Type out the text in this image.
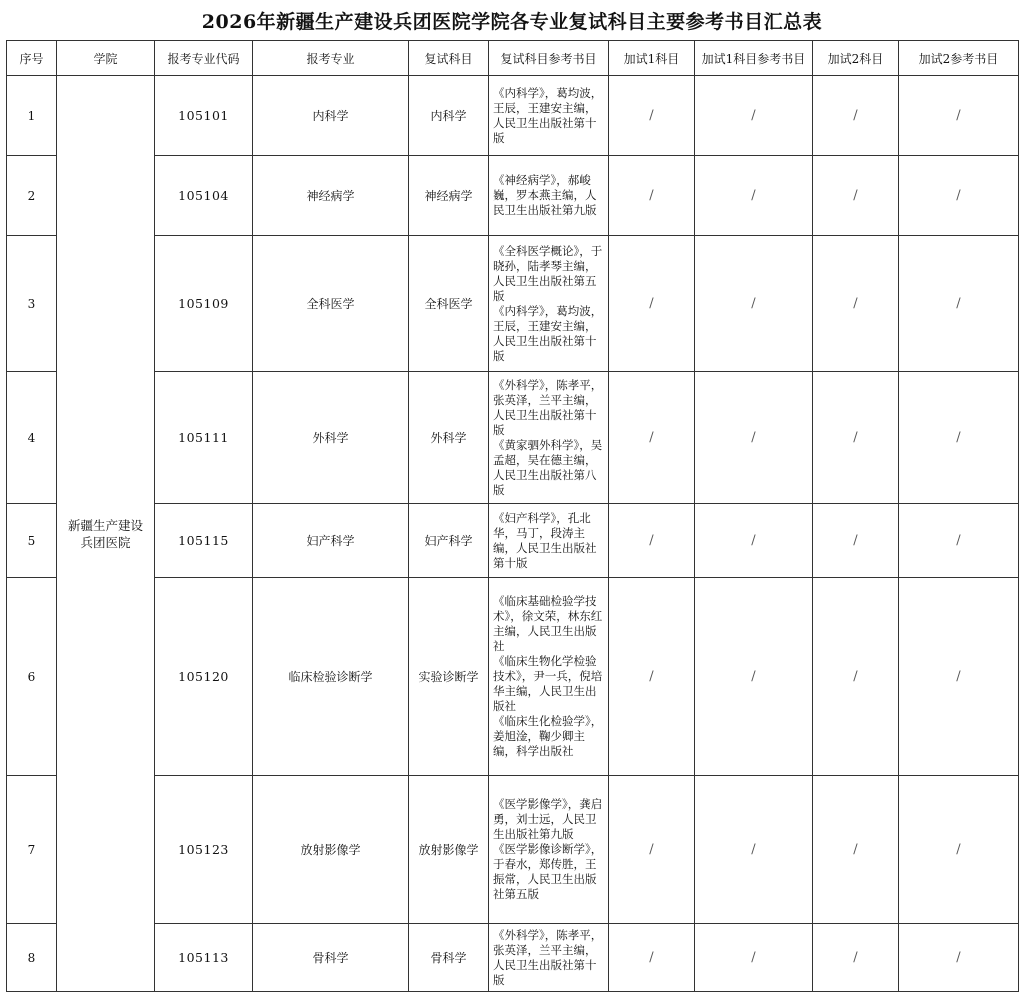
2026年新疆生产建设兵团医院学院各专业复试科目主要参考书目汇总表
序号	学院	报考专业代码	报考专业	复试科目	复试科目参考书目	加试1科目	加试1科目参考书目	加试2科目	加试2参考书目
1	新疆生产建设兵团医院	105101	内科学	内科学	《内科学》，葛均波，王辰，王建安主编，人民卫生出版社第十版	/	/	/	/
2		105104	神经病学	神经病学	《神经病学》，郝峻巍，罗本燕主编，人民卫生出版社第九版	/	/	/	/
3		105109	全科医学	全科医学	《全科医学概论》，于晓孙，陆孝琴主编，人民卫生出版社第五版
《内科学》，葛均波，王辰，王建安主编，人民卫生出版社第十版	/	/	/	/
4		105111	外科学	外科学	《外科学》，陈孝平，张英泽，兰平主编，人民卫生出版社第十版
《黄家驷外科学》，吴孟超，吴在德主编，人民卫生出版社第八版	/	/	/	/
5		105115	妇产科学	妇产科学	《妇产科学》，孔北华，马丁，段涛主编，人民卫生出版社第十版	/	/	/	/
6		105120	临床检验诊断学	实验诊断学	《临床基础检验学技术》，徐文荣，林东红主编，人民卫生出版社
《临床生物化学检验技术》，尹一兵，倪培华主编，人民卫生出版社
《临床生化检验学》，姜旭淦，鞠少卿主编，科学出版社	/	/	/	/
7		105123	放射影像学	放射影像学	《医学影像学》，龚启勇，刘士远，人民卫生出版社第九版
《医学影像诊断学》，于春水，郑传胜，王振常，人民卫生出版社第五版	/	/	/	/
8		105113	骨科学	骨科学	《外科学》，陈孝平，张英泽，兰平主编，人民卫生出版社第十版	/	/	/	/
